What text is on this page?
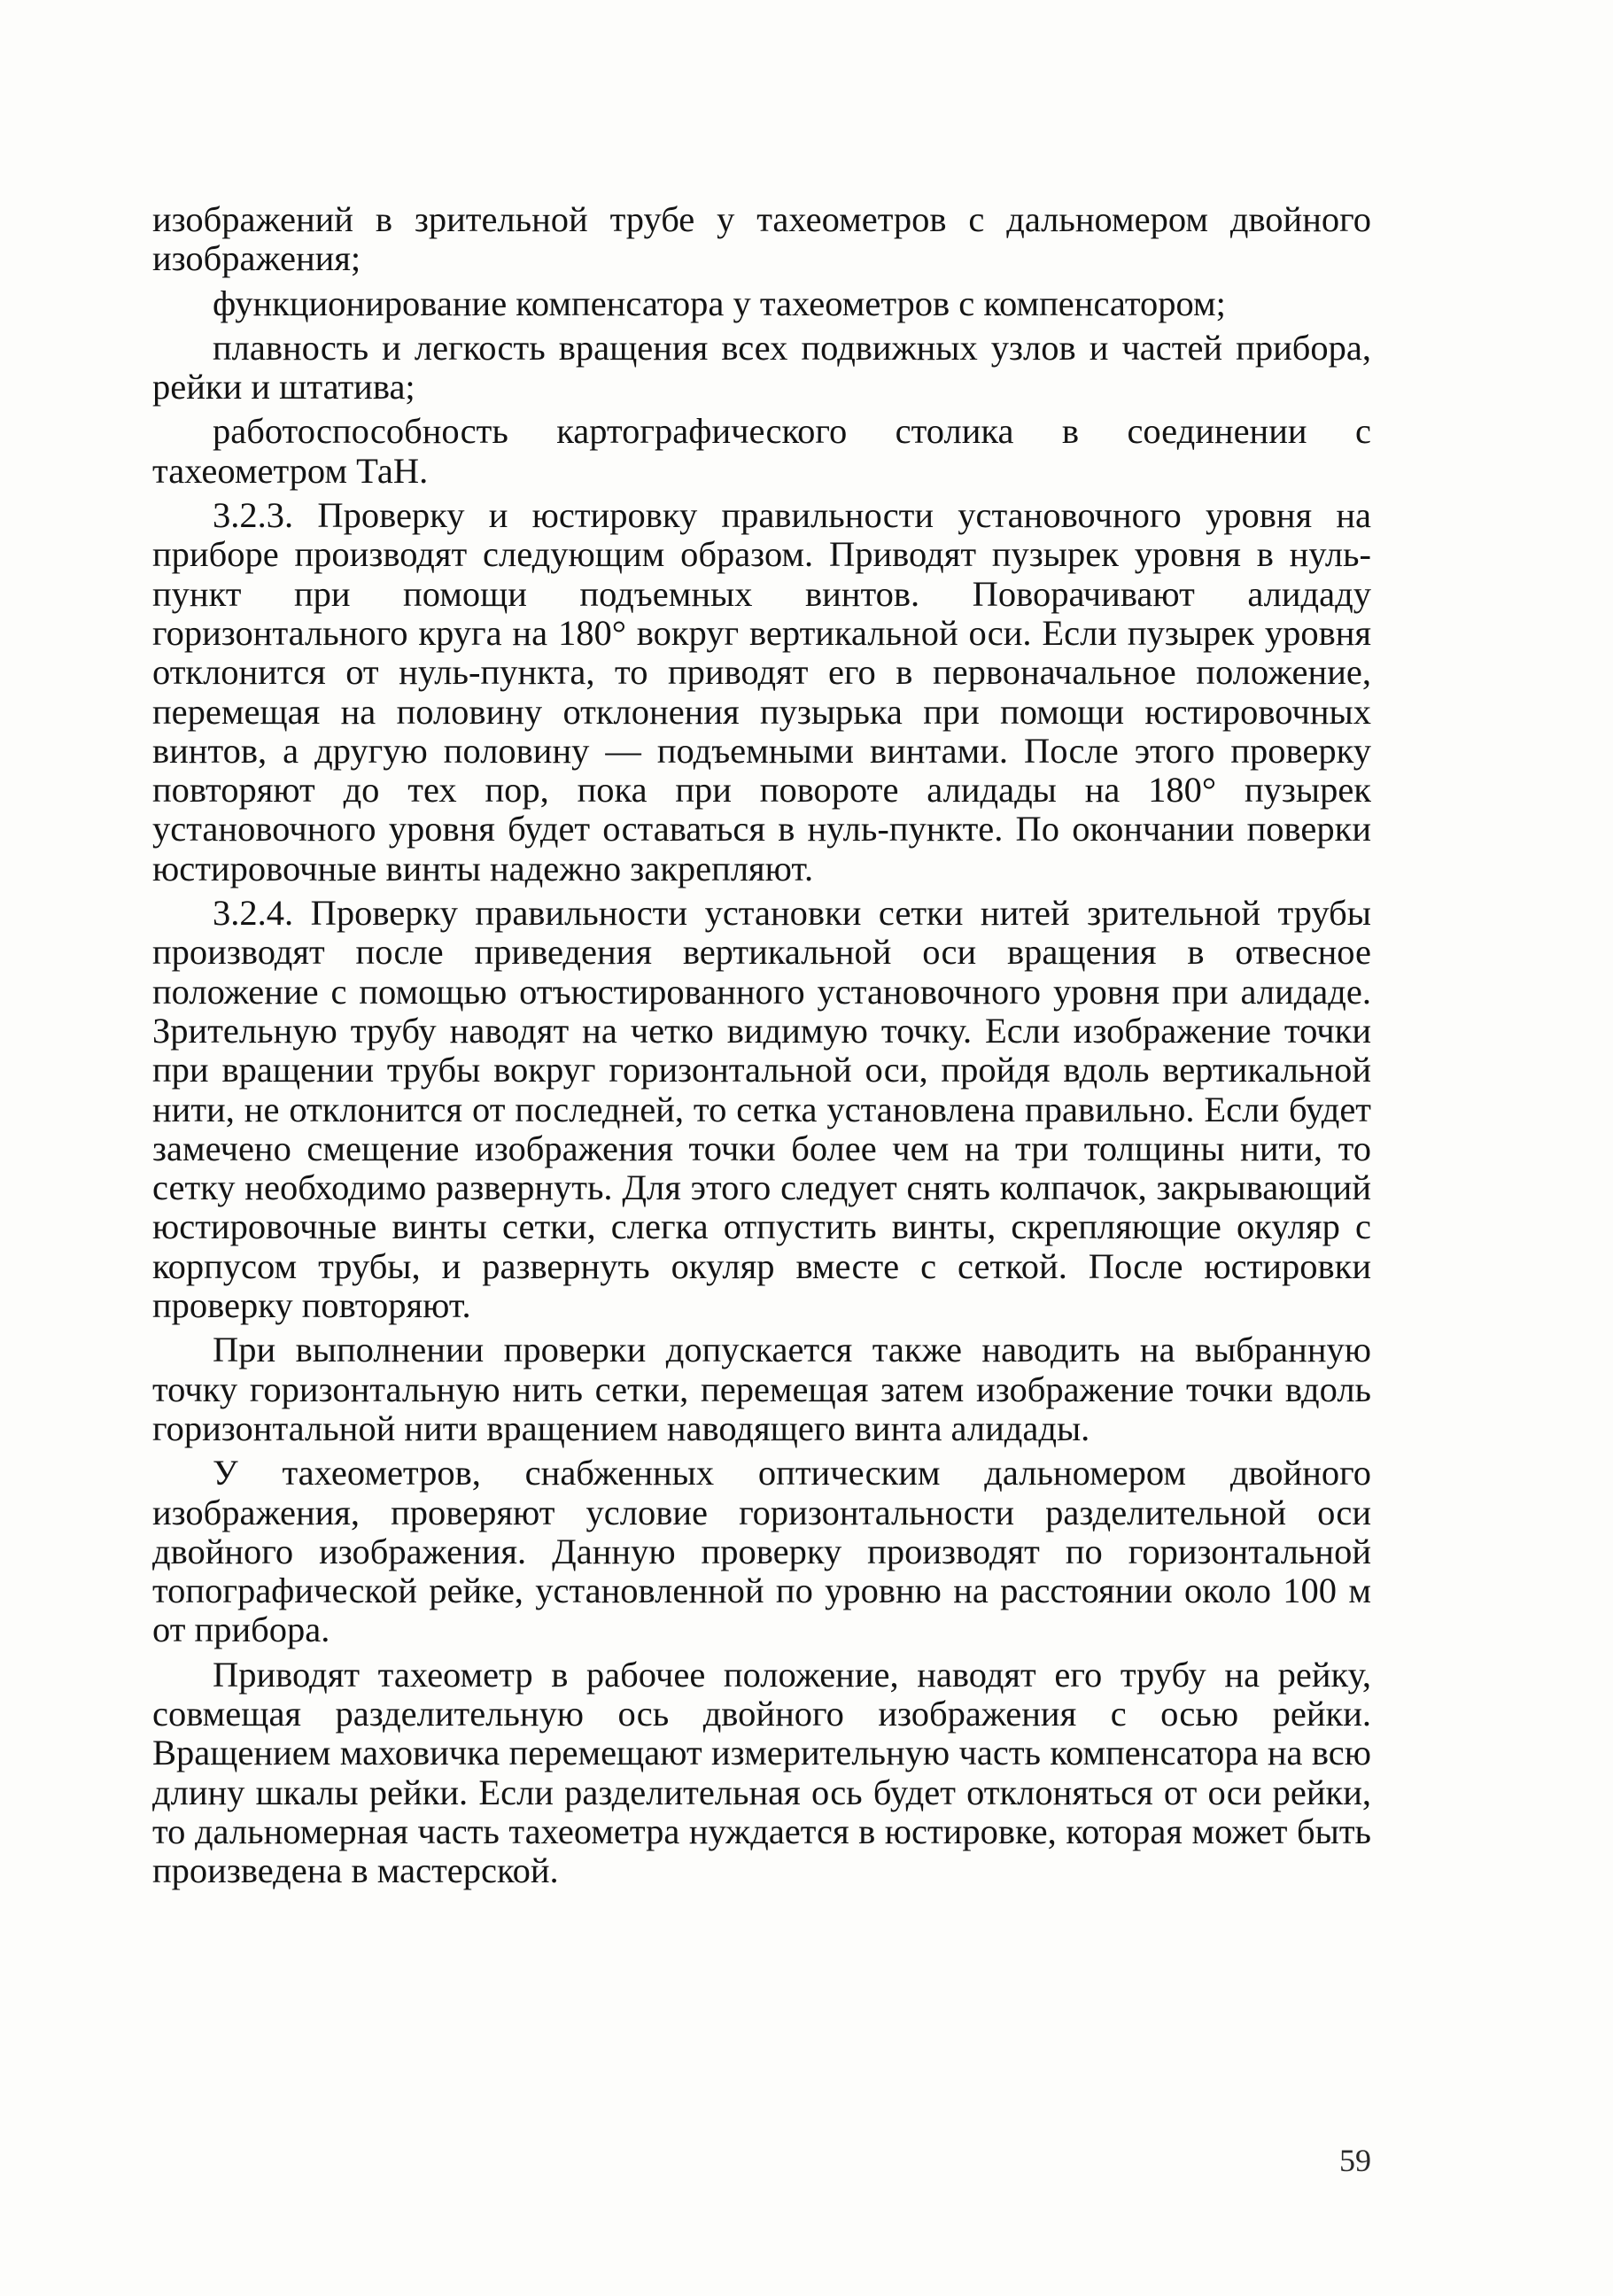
изображений в зрительной трубе у тахеометров с дальномером двойного изображения;

функционирование компенсатора у тахеометров с компенсатором;

плавность и легкость вращения всех подвижных узлов и частей прибора, рейки и штатива;

работоспособность картографического столика в соединении с тахеометром ТаН.

3.2.3. Проверку и юстировку правильности установочного уровня на приборе производят следующим образом. Приводят пузырек уровня в нуль-пункт при помощи подъемных винтов. Поворачивают алидаду горизонтального круга на 180° вокруг вертикальной оси. Если пузырек уровня отклонится от нуль-пункта, то приводят его в первоначальное положение, перемещая на половину отклонения пузырька при помощи юстировочных винтов, а другую половину — подъемными винтами. После этого проверку повторяют до тех пор, пока при повороте алидады на 180° пузырек установочного уровня будет оставаться в нуль-пункте. По окончании поверки юстировочные винты надежно закрепляют.

3.2.4. Проверку правильности установки сетки нитей зрительной трубы производят после приведения вертикальной оси вращения в отвесное положение с помощью отъюстированного установочного уровня при алидаде. Зрительную трубу наводят на четко видимую точку. Если изображение точки при вращении трубы вокруг горизонтальной оси, пройдя вдоль вертикальной нити, не отклонится от последней, то сетка установлена правильно. Если будет замечено смещение изображения точки более чем на три толщины нити, то сетку необходимо развернуть. Для этого следует снять колпачок, закрывающий юстировочные винты сетки, слегка отпустить винты, скрепляющие окуляр с корпусом трубы, и развернуть окуляр вместе с сеткой. После юстировки проверку повторяют.

При выполнении проверки допускается также наводить на выбранную точку горизонтальную нить сетки, перемещая затем изображение точки вдоль горизонтальной нити вращением наводящего винта алидады.

У тахеометров, снабженных оптическим дальномером двойного изображения, проверяют условие горизонтальности разделительной оси двойного изображения. Данную проверку производят по горизонтальной топографической рейке, установленной по уровню на расстоянии около 100 м от прибора.

Приводят тахеометр в рабочее положение, наводят его трубу на рейку, совмещая разделительную ось двойного изображения с осью рейки. Вращением маховичка перемещают измерительную часть компенсатора на всю длину шкалы рейки. Если разделительная ось будет отклоняться от оси рейки, то дальномерная часть тахеометра нуждается в юстировке, которая может быть произведена в мастерской.

59
